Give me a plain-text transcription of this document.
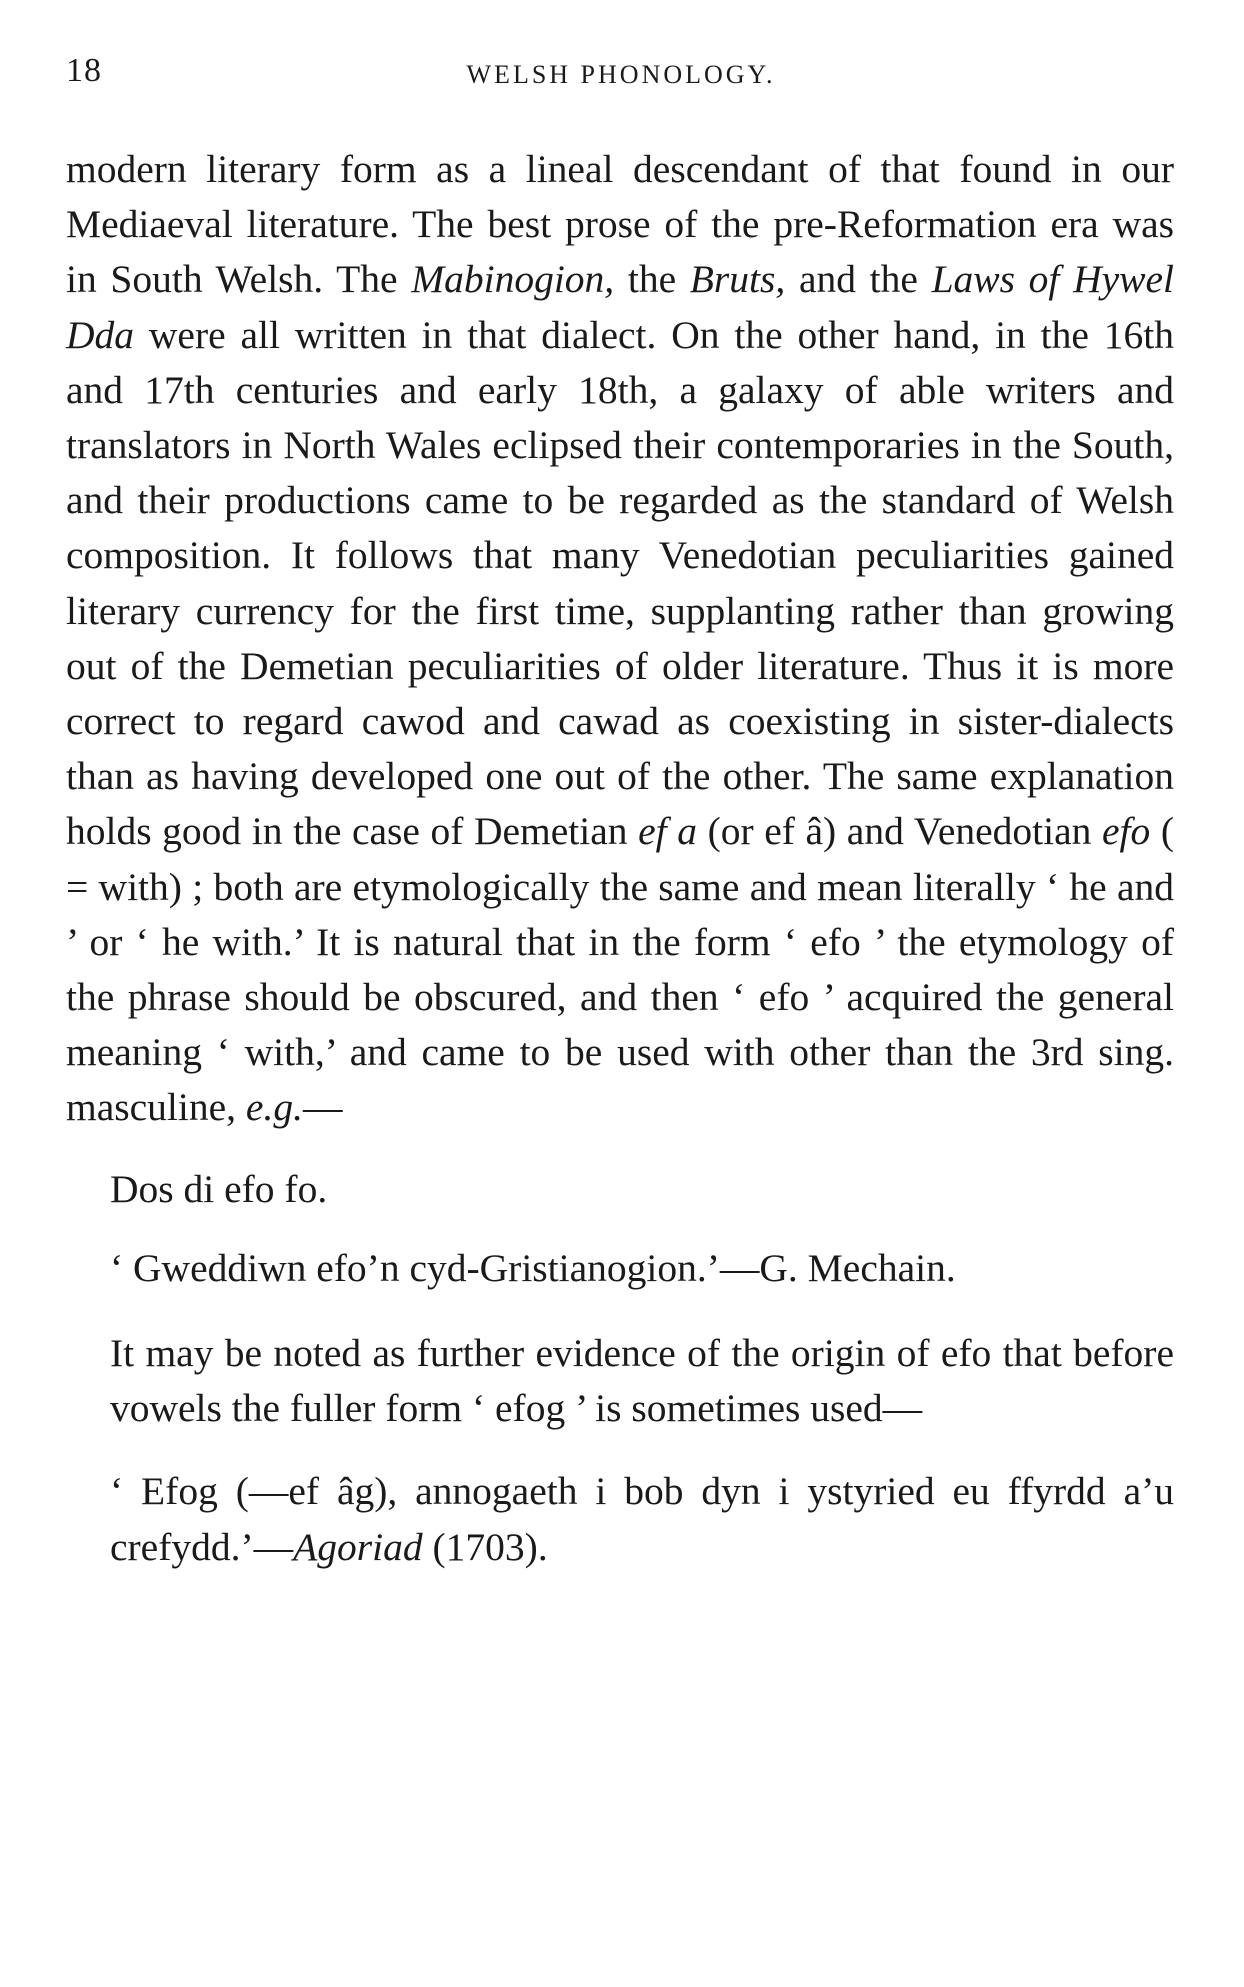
18	WELSH PHONOLOGY.

modern literary form as a lineal descendant of that found in our Mediaeval literature. The best prose of the pre-Reformation era was in South Welsh. The Mabinogion, the Bruts, and the Laws of Hywel Dda were all written in that dialect. On the other hand, in the 16th and 17th centuries and early 18th, a galaxy of able writers and translators in North Wales eclipsed their contemporaries in the South, and their productions came to be regarded as the standard of Welsh composition. It follows that many Venedotian peculiarities gained literary currency for the first time, supplanting rather than growing out of the Demetian peculiarities of older literature. Thus it is more correct to regard cawod and cawad as coexisting in sister-dialects than as having developed one out of the other. The same explanation holds good in the case of Demetian ef a (or ef â) and Venedotian efo ( = with) ; both are etymologically the same and mean literally ‘ he and ’ or ‘ he with.’ It is natural that in the form ‘ efo ’ the etymology of the phrase should be obscured, and then ‘ efo ’ acquired the general meaning ‘ with,’ and came to be used with other than the 3rd sing. masculine, e.g.—

Dos di efo fo.

‘ Gweddiwn efo’n cyd-Gristianogion.’—G. Mechain.

It may be noted as further evidence of the origin of efo that before vowels the fuller form ‘ efog ’ is sometimes used—

‘ Efog (—ef âg), annogaeth i bob dyn i ystyried eu ffyrdd a’u crefydd.’—Agoriad (1703).
